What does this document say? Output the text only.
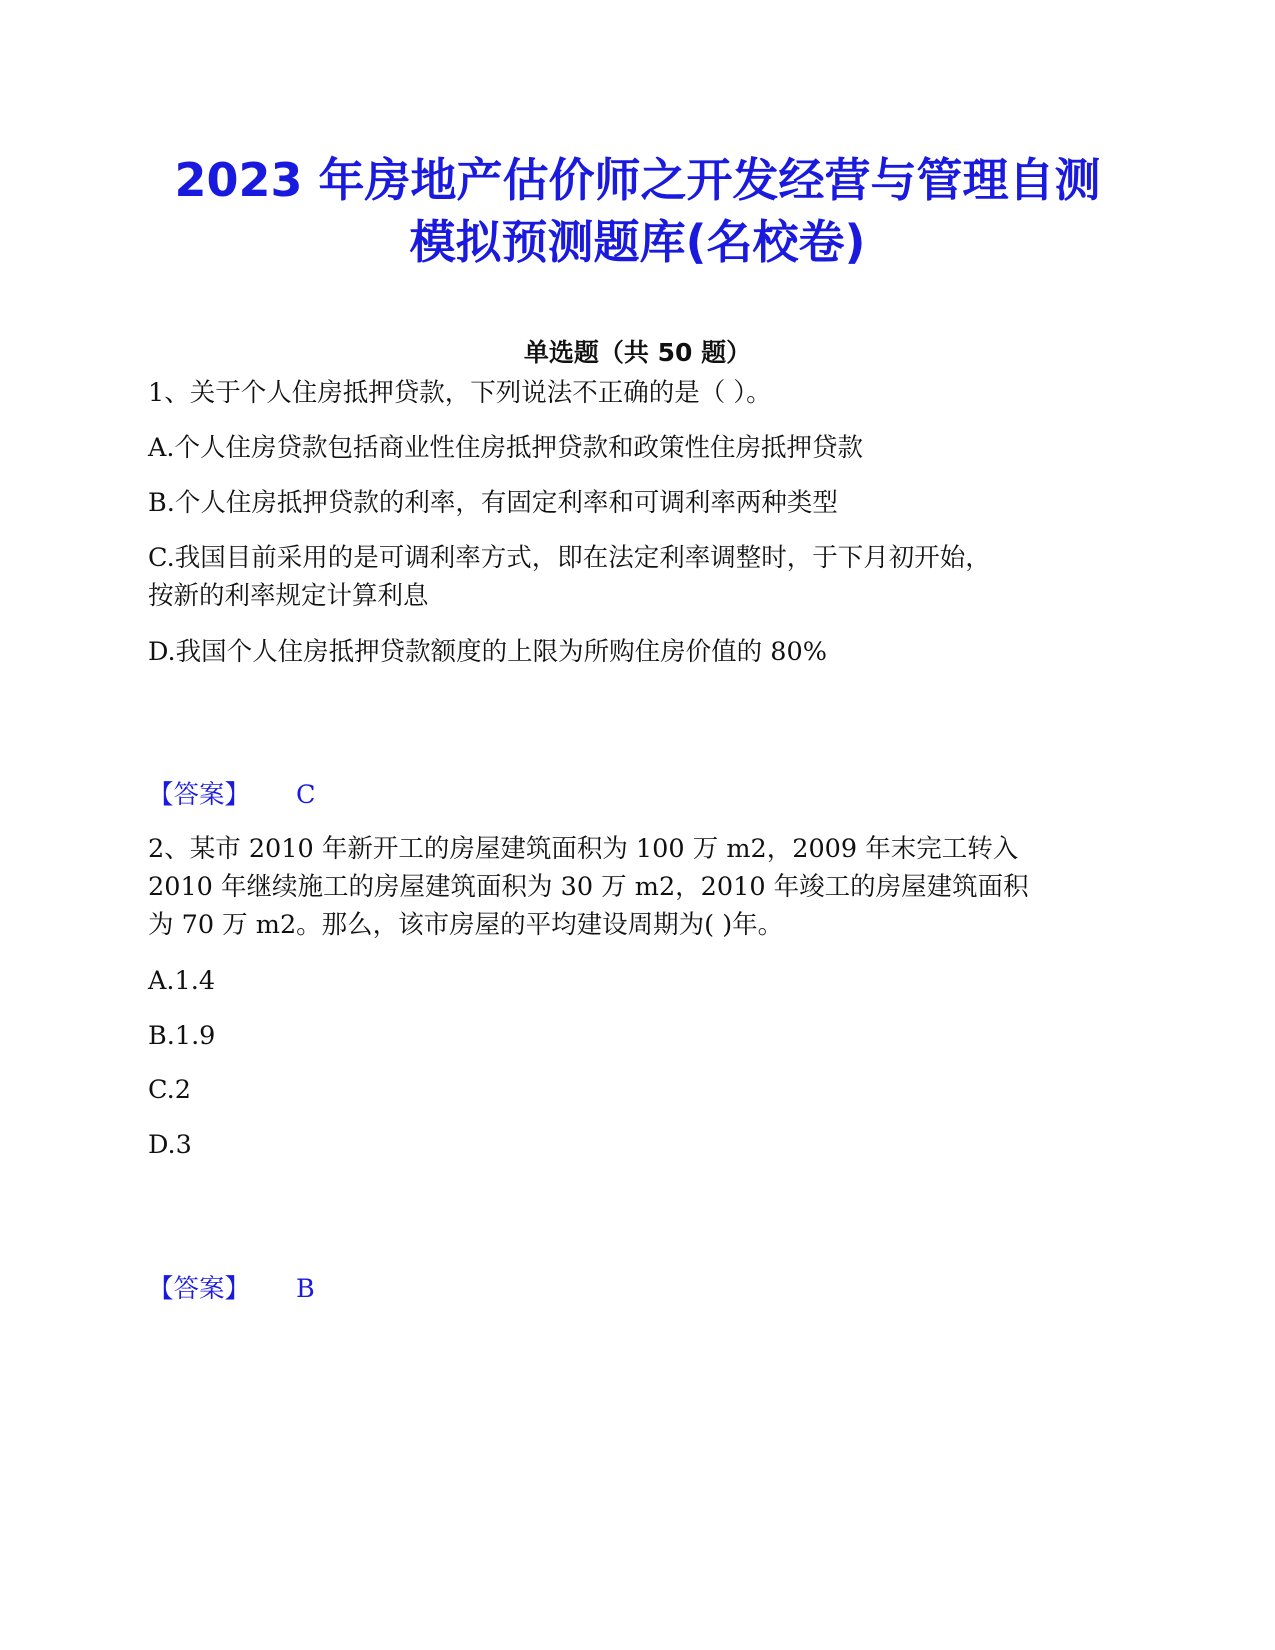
2023 年房地产估价师之开发经营与管理自测
模拟预测题库(名校卷)
单选题（共 50 题）
1、关于个人住房抵押贷款，下列说法不正确的是（ ）。
A.个人住房贷款包括商业性住房抵押贷款和政策性住房抵押贷款
B.个人住房抵押贷款的利率，有固定利率和可调利率两种类型
C.我国目前采用的是可调利率方式，即在法定利率调整时，于下月初开始，
按新的利率规定计算利息
D.我国个人住房抵押贷款额度的上限为所购住房价值的 80%
【答案】 C
2、某市 2010 年新开工的房屋建筑面积为 100 万 m2，2009 年末完工转入
2010 年继续施工的房屋建筑面积为 30 万 m2，2010 年竣工的房屋建筑面积
为 70 万 m2。那么，该市房屋的平均建设周期为( )年。
A.1.4
B.1.9
C.2
D.3
【答案】 B
